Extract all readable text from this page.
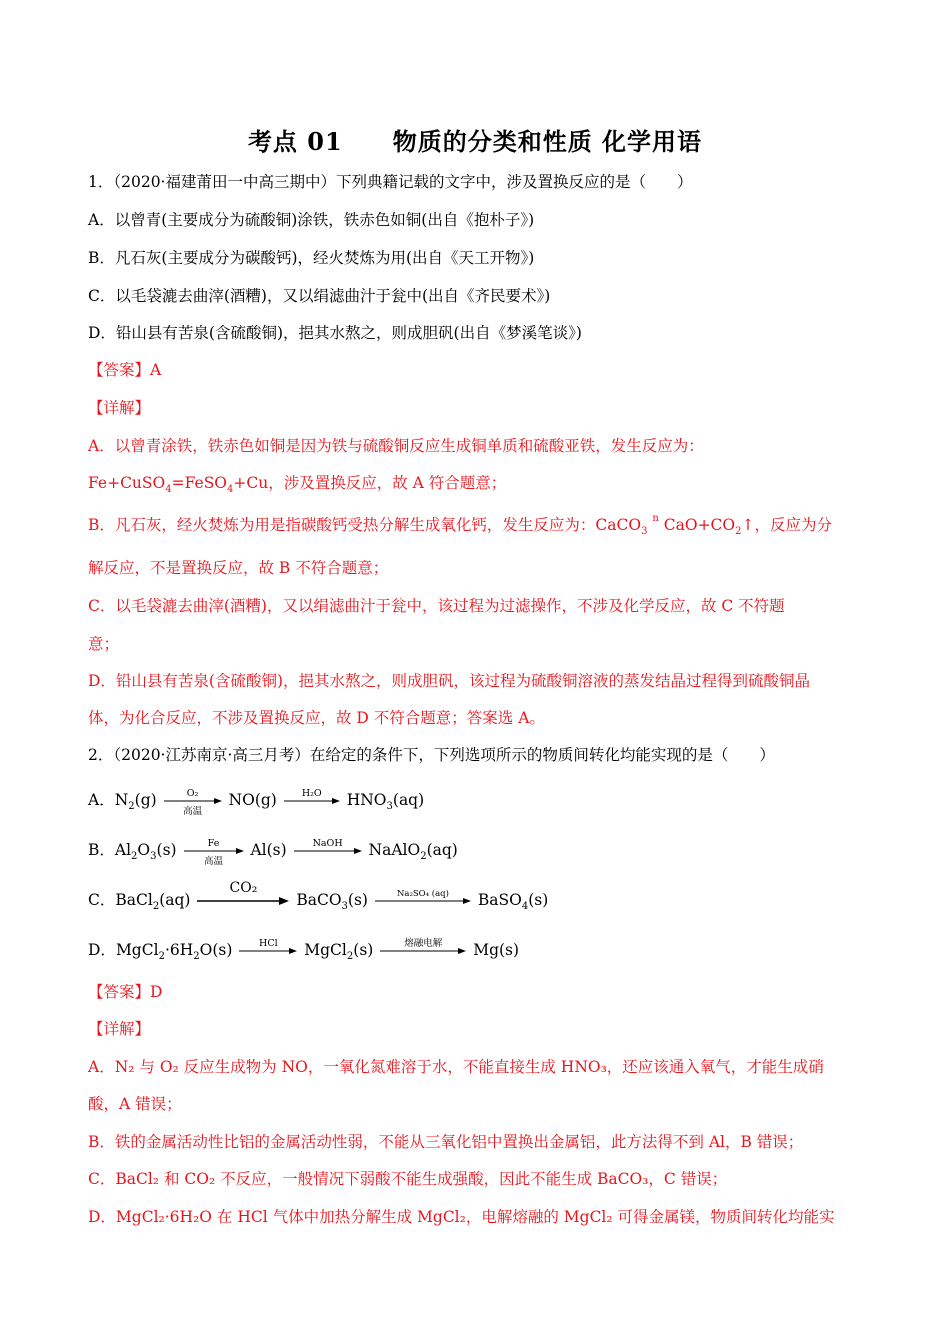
考点 01　　物质的分类和性质 化学用语
1．（2020·福建莆田一中高三期中）下列典籍记载的文字中，涉及置换反应的是（　　）
A．以曾青(主要成分为硫酸铜)涂铁，铁赤色如铜(出自《抱朴子》)
B．凡石灰(主要成分为碳酸钙)，经火焚炼为用(出自《天工开物》)
C．以毛袋漉去曲滓(酒糟)，又以绢滤曲汁于瓮中(出自《齐民要术》)
D．铅山县有苦泉(含硫酸铜)，挹其水熬之，则成胆矾(出自《梦溪笔谈》)
【答案】A
【详解】
A．以曾青涂铁，铁赤色如铜是因为铁与硫酸铜反应生成铜单质和硫酸亚铁，发生反应为：
Fe+CuSO$_4$=FeSO$_4$+Cu，涉及置换反应，故 A 符合题意；
B．凡石灰，经火焚炼为用是指碳酸钙受热分解生成氧化钙，发生反应为：CaCO$_3$ $^n$ $CaO+CO_2↑$，反应为分
解反应，不是置换反应，故 B 不符合题意；
C．以毛袋漉去曲滓(酒糟)，又以绢滤曲汁于瓮中，该过程为过滤操作，不涉及化学反应，故 C 不符题
意；
D．铅山县有苦泉(含硫酸铜)，挹其水熬之，则成胆矾，该过程为硫酸铜溶液的蒸发结晶过程得到硫酸铜晶
体，为化合反应，不涉及置换反应，故 D 不符合题意；答案选 A。
2．（2020·江苏南京·高三月考）在给定的条件下，下列选项所示的物质间转化均能实现的是（　　）
A．$N_2(g)$	O₂
高温
NO(g)	H₂O	$HNO_3(aq)$
B．$Al_2O_3(s)$	Fe
高温
Al(s)	NaOH	NaAlO$_2$(aq)
C．BaCl$_2$(aq)
CO₂
BaCO$_3$(s)	Na₂SO₄ (aq)	BaSO$_4$(s)
D．$MgCl_2\cdot 6H_2O(s)$	HCl	MgCl$_2$(s)	熔融电解	Mg(s)
【答案】D
【详解】
A．N₂ 与 O₂ 反应生成物为 NO，一氧化氮难溶于水，不能直接生成 HNO₃，还应该通入氧气，才能生成硝
酸，A 错误；
B．铁的金属活动性比铝的金属活动性弱，不能从三氧化铝中置换出金属铝，此方法得不到 Al，B 错误；
C．BaCl₂ 和 CO₂ 不反应，一般情况下弱酸不能生成强酸，因此不能生成 BaCO₃，C 错误；
D．MgCl₂·6H₂O 在 HCl 气体中加热分解生成 MgCl₂，电解熔融的 MgCl₂ 可得金属镁，物质间转化均能实
